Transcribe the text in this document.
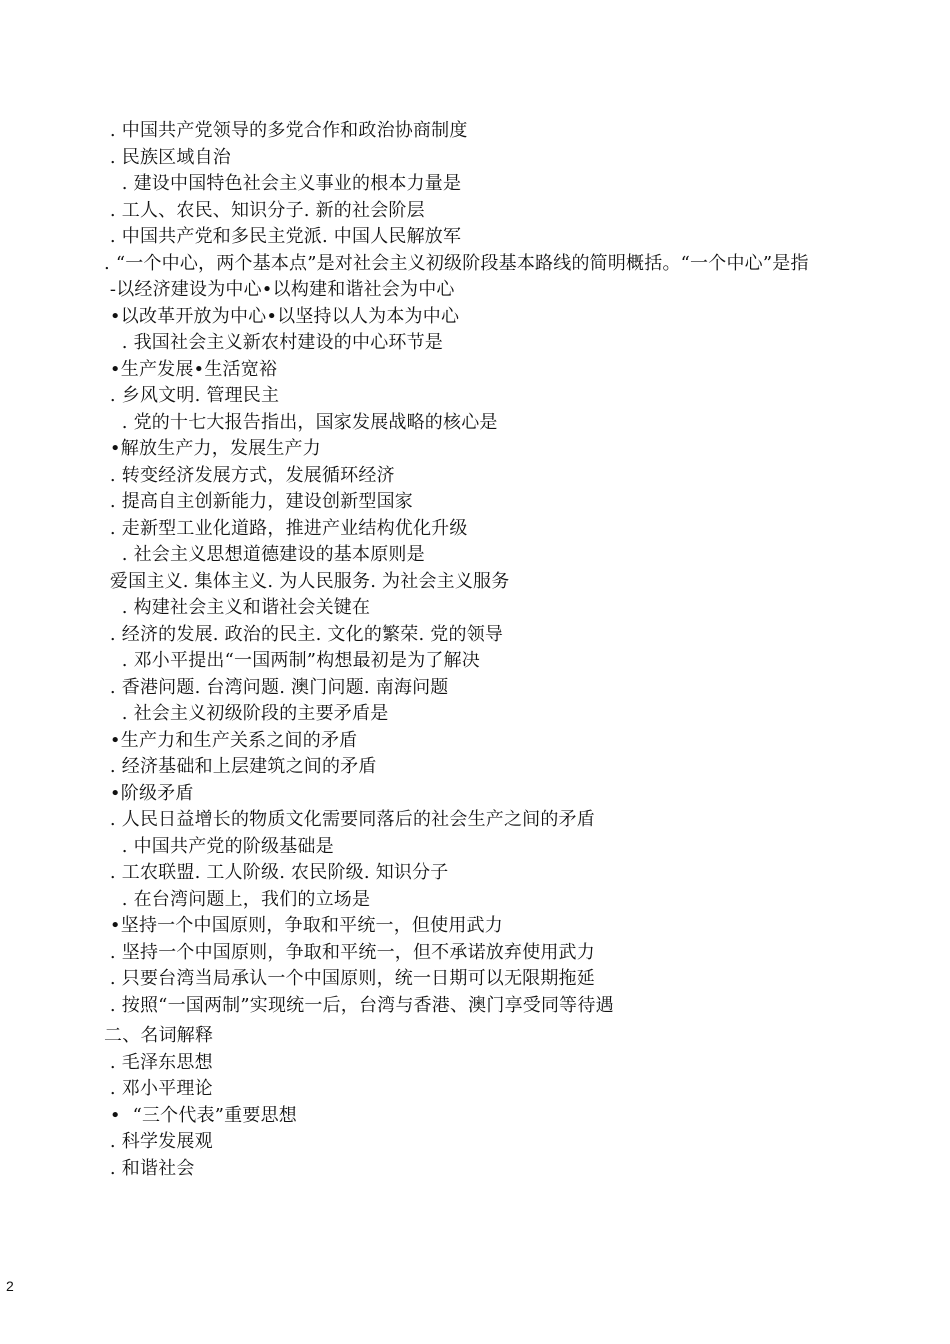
. 中国共产党领导的多党合作和政治协商制度
. 民族区域自治
. 建设中国特色社会主义事业的根本力量是
. 工人、农民、知识分子. 新的社会阶层
. 中国共产党和多民主党派. 中国人民解放军
. “一个中心，两个基本点”是对社会主义初级阶段基本路线的简明概括。“一个中心”是指
-以经济建设为中心•以构建和谐社会为中心
•以改革开放为中心•以坚持以人为本为中心
. 我国社会主义新农村建设的中心环节是
•生产发展•生活宽裕
. 乡风文明. 管理民主
. 党的十七大报告指出，国家发展战略的核心是
•解放生产力，发展生产力
. 转变经济发展方式，发展循环经济
. 提高自主创新能力，建设创新型国家
. 走新型工业化道路，推进产业结构优化升级
. 社会主义思想道德建设的基本原则是
爱国主义. 集体主义. 为人民服务. 为社会主义服务
. 构建社会主义和谐社会关键在
. 经济的发展. 政治的民主. 文化的繁荣. 党的领导
. 邓小平提出“一国两制”构想最初是为了解决
. 香港问题. 台湾问题. 澳门问题. 南海问题
. 社会主义初级阶段的主要矛盾是
•生产力和生产关系之间的矛盾
. 经济基础和上层建筑之间的矛盾
•阶级矛盾
. 人民日益增长的物质文化需要同落后的社会生产之间的矛盾
. 中国共产党的阶级基础是
. 工农联盟. 工人阶级. 农民阶级. 知识分子
. 在台湾问题上，我们的立场是
•坚持一个中国原则，争取和平统一，但使用武力
. 坚持一个中国原则，争取和平统一，但不承诺放弃使用武力
. 只要台湾当局承认一个中国原则，统一日期可以无限期拖延
. 按照“一国两制”实现统一后，台湾与香港、澳门享受同等待遇
二、名词解释
. 毛泽东思想
. 邓小平理论
•  “三个代表”重要思想
. 科学发展观
. 和谐社会
2
